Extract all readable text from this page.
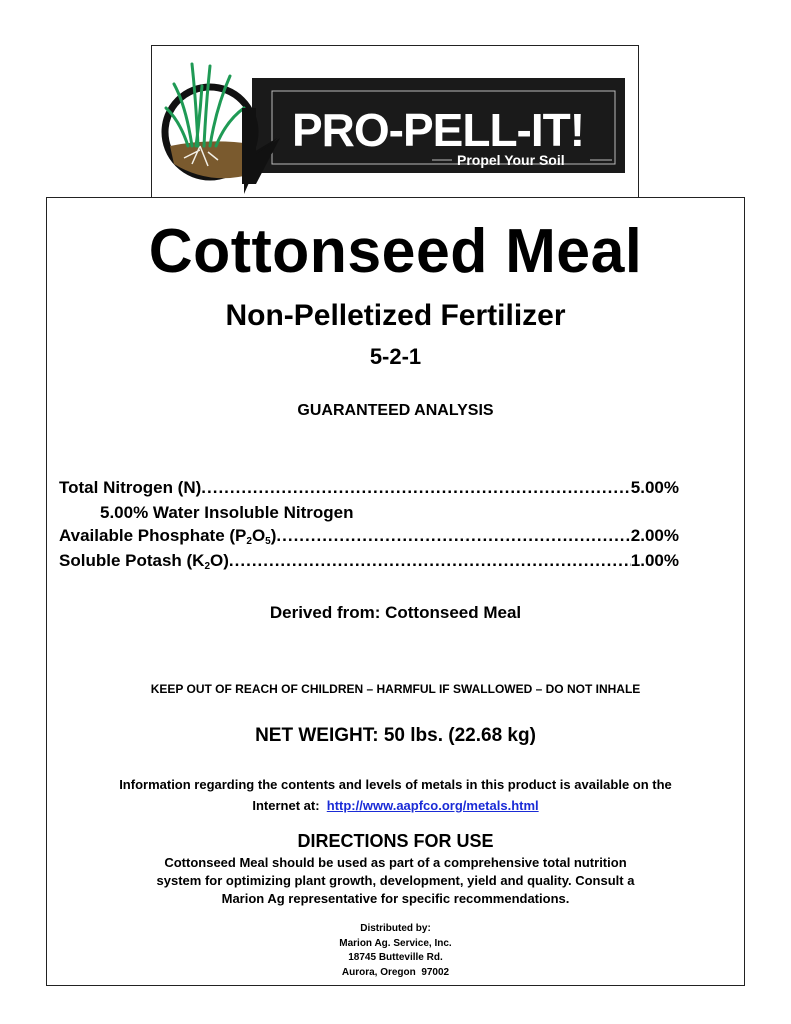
PRO-PELL-IT!
Propel Your Soil
Cottonseed Meal
Non-Pelletized Fertilizer
5-2-1
GUARANTEED ANALYSIS
Total Nitrogen (N) .....	5.00%
5.00% Water Insoluble Nitrogen
Available Phosphate $(P_2O_5)$ .....	2.00%
Soluble Potash $(K_2O)$ .....	1.00%
Derived from: Cottonseed Meal
KEEP OUT OF REACH OF CHILDREN – HARMFUL IF SWALLOWED – DO NOT INHALE
NET WEIGHT: 50 lbs. (22.68 kg)
Information regarding the contents and levels of metals in this product is available on the
Internet at:  http://www.aapfco.org/metals.html
DIRECTIONS FOR USE
Cottonseed Meal should be used as part of a comprehensive total nutrition
system for optimizing plant growth, development, yield and quality. Consult a
Marion Ag representative for specific recommendations.
Distributed by:
Marion Ag. Service, Inc.
18745 Butteville Rd.
Aurora, Oregon  97002
